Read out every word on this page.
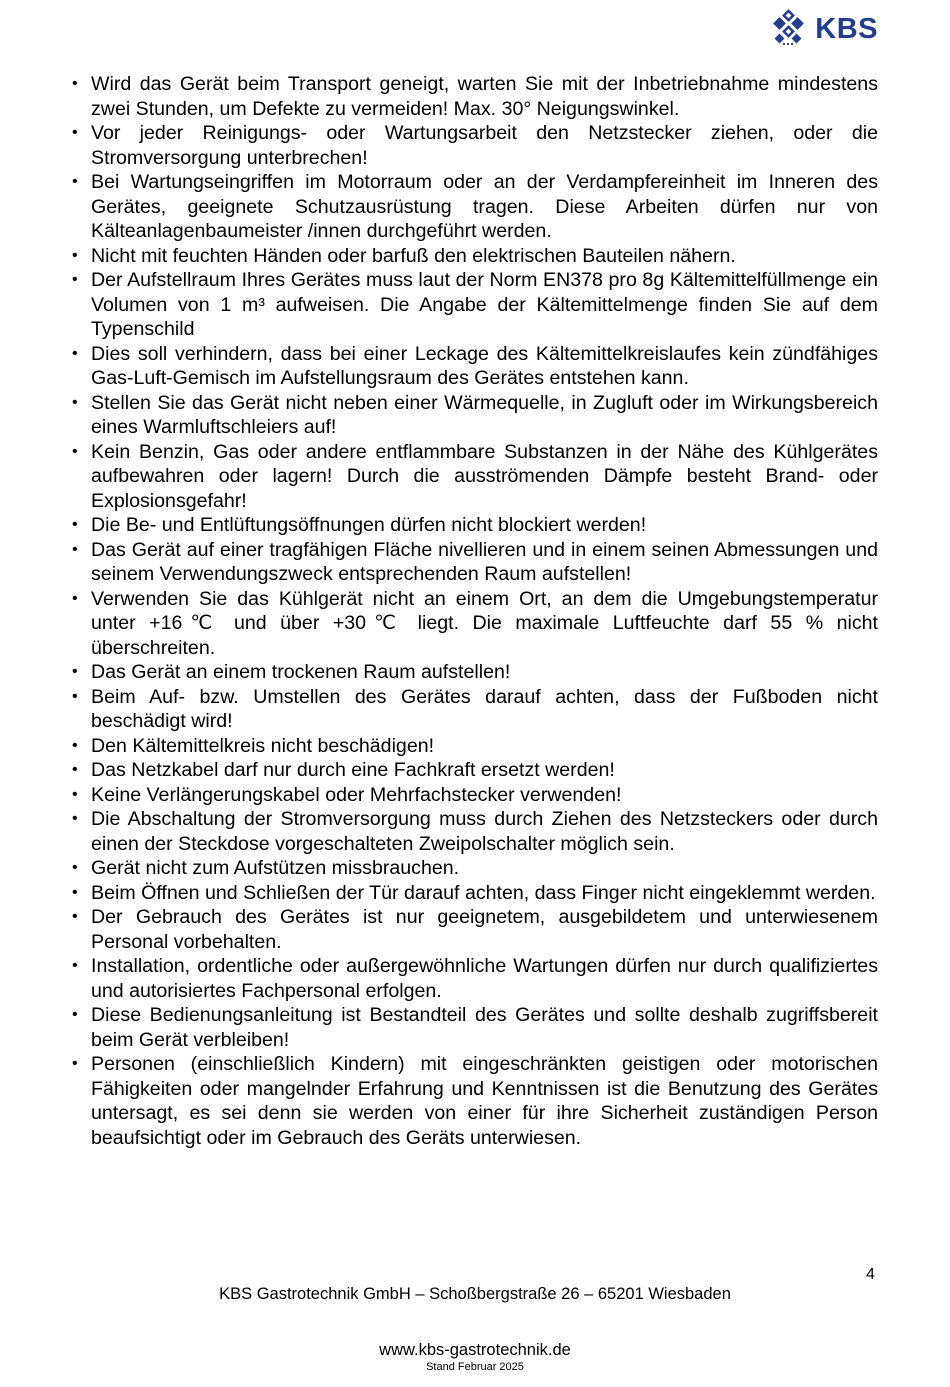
KBS
• Wird das Gerät beim Transport geneigt, warten Sie mit der Inbetriebnahme mindestens zwei Stunden, um Defekte zu vermeiden! Max. 30° Neigungswinkel.
• Vor jeder Reinigungs- oder Wartungsarbeit den Netzstecker ziehen, oder die Stromversorgung unterbrechen!
• Bei Wartungseingriffen im Motorraum oder an der Verdampfereinheit im Inneren des Gerätes, geeignete Schutzausrüstung tragen. Diese Arbeiten dürfen nur von Kälteanlagenbaumeister /innen durchgeführt werden.
• Nicht mit feuchten Händen oder barfuß den elektrischen Bauteilen nähern.
• Der Aufstellraum Ihres Gerätes muss laut der Norm EN378 pro 8g Kältemittelfüllmenge ein Volumen von 1 m³ aufweisen. Die Angabe der Kältemittelmenge finden Sie auf dem Typenschild
• Dies soll verhindern, dass bei einer Leckage des Kältemittelkreislaufes kein zündfähiges Gas-Luft-Gemisch im Aufstellungsraum des Gerätes entstehen kann.
• Stellen Sie das Gerät nicht neben einer Wärmequelle, in Zugluft oder im Wirkungsbereich eines Warmluftschleiers auf!
• Kein Benzin, Gas oder andere entflammbare Substanzen in der Nähe des Kühlgerätes aufbewahren oder lagern! Durch die ausströmenden Dämpfe besteht Brand- oder Explosionsgefahr!
• Die Be- und Entlüftungsöffnungen dürfen nicht blockiert werden!
• Das Gerät auf einer tragfähigen Fläche nivellieren und in einem seinen Abmessungen und seinem Verwendungszweck entsprechenden Raum aufstellen!
• Verwenden Sie das Kühlgerät nicht an einem Ort, an dem die Umgebungstemperatur unter +16℃ und über +30℃ liegt. Die maximale Luftfeuchte darf 55 % nicht überschreiten.
• Das Gerät an einem trockenen Raum aufstellen!
• Beim Auf- bzw. Umstellen des Gerätes darauf achten, dass der Fußboden nicht beschädigt wird!
• Den Kältemittelkreis nicht beschädigen!
• Das Netzkabel darf nur durch eine Fachkraft ersetzt werden!
• Keine Verlängerungskabel oder Mehrfachstecker verwenden!
• Die Abschaltung der Stromversorgung muss durch Ziehen des Netzsteckers oder durch einen der Steckdose vorgeschalteten Zweipolschalter möglich sein.
• Gerät nicht zum Aufstützen missbrauchen.
• Beim Öffnen und Schließen der Tür darauf achten, dass Finger nicht eingeklemmt werden.
• Der Gebrauch des Gerätes ist nur geeignetem, ausgebildetem und unterwiesenem Personal vorbehalten.
• Installation, ordentliche oder außergewöhnliche Wartungen dürfen nur durch qualifiziertes und autorisiertes Fachpersonal erfolgen.
• Diese Bedienungsanleitung ist Bestandteil des Gerätes und sollte deshalb zugriffsbereit beim Gerät verbleiben!
• Personen (einschließlich Kindern) mit eingeschränkten geistigen oder motorischen Fähigkeiten oder mangelnder Erfahrung und Kenntnissen ist die Benutzung des Gerätes untersagt, es sei denn sie werden von einer für ihre Sicherheit zuständigen Person beaufsichtigt oder im Gebrauch des Geräts unterwiesen.
4
KBS Gastrotechnik GmbH – Schoßbergstraße 26 – 65201 Wiesbaden
www.kbs-gastrotechnik.de
Stand Februar 2025
